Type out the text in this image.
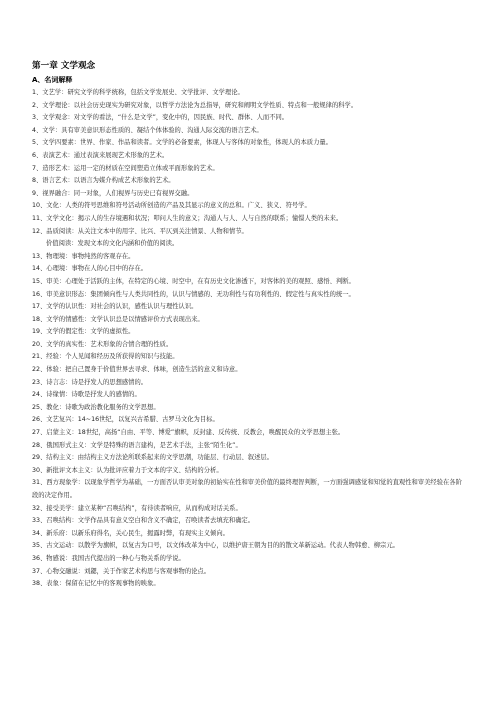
第一章 文学观念
A、名词解释
1、文艺学：研究文学的科学统称，包括文学发展史、文学批评、文学理论。
2、文学理论：以社会历史现实为研究对象，以哲学方法论为总指导，研究和阐明文学性质、特点和一般规律的科学。
3、文学观念：对文学的看法，“什么是文学”，变化中的，因民族、时代、群体、人而不同。
4、文学：具有审美意识形态性质的、凝结个体体验的、沟通人际交流的语言艺术。
5、文学四要素：世界、作家、作品和读者。文学的必备要素，体现人与客体的对象性，体现人的本质力量。
6、表演艺术：通过表演来展现艺术形象的艺术。
7、造形艺术：运用一定的材质在空间塑造立体或平面形象的艺术。
8、语言艺术：以语言为媒介构成艺术形象的艺术。
9、视界融合：同一对象，人们视界与历史已有视界交融。
10、文化：人类的符号思维和符号活动所创造的产品及其显示的意义的总和。广义、狭义、符号学。
11、文学文化：揭示人的生存境遇和状况；叩问人生的意义；沟通人与人、人与自然的联系；憧憬人类的未来。
12、品质阅读：从关注文本中的用字、比兴、平仄到关注情景、人物和情节。
价值阅读：发现文本的文化内涵和价值的阅读。
13、物理境：事物纯然的客观存在。
14、心理境：事物在人的心目中的存在。
15、审美：心理处于活跃的主体，在特定的心境、时空中，在有历史文化渗透下，对客体的美的观照、感悟、判断。
16、审美意识形态：集团倾向性与人类共同性的，认识与情感的、无功利性与有功利性的、假定性与真实性的统一。
17、文学的认识性：对社会的认识，感性认识与理性认识。
18、文学的情感性：文学认识总是以情感评价方式表现出来。
19、文学的假定性：文学的虚拟性。
20、文学的真实性：艺术形象的合情合理的性质。
21、经验：个人见闻和经历及所获得的知识与技能。
22、体验：把自己置身于价值世界去寻求、体味，创造生活的意义和诗意。
23、诗言志：诗是抒发人的思想感情的。
24、诗缘情：诗歌是抒发人的感情的。
25、教化：诗歌为政治教化服务的文学思想。
26、文艺复兴：14~16世纪，以复兴古希腊、古罗马文化为目标。
27、启蒙主义：18世纪，高扬“自由、平等、博爱”旗帜，反封建、反传统、反教会，唤醒民众的文学思想主张。
28、俄国形式主义：文学是特殊的语言建构，是艺术手法，主张“陌生化”。
29、结构主义：由结构主义方法论所联系起来的文学思潮，功能层、行动层、叙述层。
30、新批评文本主义：认为批评应着力于文本的字义、结构的分析。
31、西方现象学：以现象学哲学为基础，一方面否认审美对象的初始实在性和审美价值的最终理智判断，一方面强调感觉和知觉的直观性和审美经验在各阶段的决定作用。
32、接受美学：建立某种“召唤结构”，有待读者响应，从而构成对话关系。
33、召唤结构：文学作品具有意义空白和含义不确定，召唤读者去填充和确定。
34、新乐府：以新乐府得名，关心民生，揭露时弊，有现实主义倾向。
35、古文运动：以散学为旗帜，以复古为口号，以文体改革为中心，以维护唐王朝为目的的散文革新运动。代表人物韩愈、柳宗元。
36、物感说：我国古代提出的一种心与物关系的学说。
37、心物交融说：刘勰，关于作家艺术构思与客观事物的论点。
38、表象：保留在记忆中的客观事物的映象。
